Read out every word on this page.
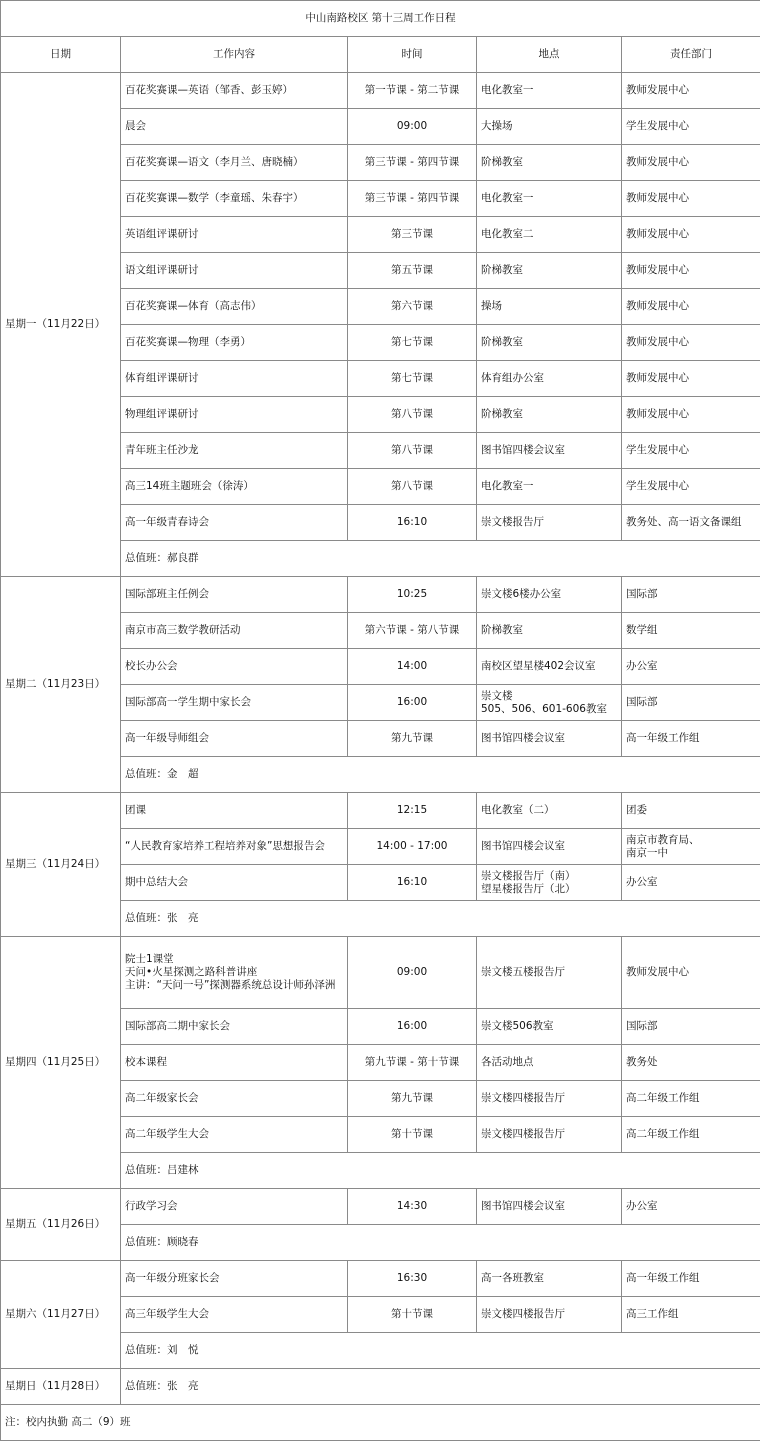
中山南路校区 第十三周工作日程				
日期	工作内容	时间	地点	责任部门
星期一（11月22日）	百花奖赛课—英语（邹香、彭玉婷）	第一节课 - 第二节课	电化教室一	教师发展中心
	晨会	09:00	大操场	学生发展中心
	百花奖赛课—语文（李月兰、唐晓楠）	第三节课 - 第四节课	阶梯教室	教师发展中心
	百花奖赛课—数学（李童瑶、朱春宇）	第三节课 - 第四节课	电化教室一	教师发展中心
	英语组评课研讨	第三节课	电化教室二	教师发展中心
	语文组评课研讨	第五节课	阶梯教室	教师发展中心
	百花奖赛课—体育（高志伟）	第六节课	操场	教师发展中心
	百花奖赛课—物理（李勇）	第七节课	阶梯教室	教师发展中心
	体育组评课研讨	第七节课	体育组办公室	教师发展中心
	物理组评课研讨	第八节课	阶梯教室	教师发展中心
	青年班主任沙龙	第八节课	图书馆四楼会议室	学生发展中心
	高三14班主题班会（徐涛）	第八节课	电化教室一	学生发展中心
	高一年级青春诗会	16:10	崇文楼报告厅	教务处、高一语文备课组
	总值班：郝良群			
星期二（11月23日）	国际部班主任例会	10:25	崇文楼6楼办公室	国际部
	南京市高三数学教研活动	第六节课 - 第八节课	阶梯教室	数学组
	校长办公会	14:00	南校区望星楼402会议室	办公室
	国际部高一学生期中家长会	16:00	崇文楼
505、506、601-606教室	国际部
	高一年级导师组会	第九节课	图书馆四楼会议室	高一年级工作组
	总值班：金　超			
星期三（11月24日）	团课	12:15	电化教室（二）	团委
	“人民教育家培养工程培养对象”思想报告会	14:00 - 17:00	图书馆四楼会议室	南京市教育局、
南京一中
	期中总结大会	16:10	崇文楼报告厅（南）
望星楼报告厅（北）	办公室
	总值班：张　亮			
星期四（11月25日）	院士1课堂
天问•火星探测之路科普讲座
主讲：“天问一号”探测器系统总设计师孙泽洲	09:00	崇文楼五楼报告厅	教师发展中心
	国际部高二期中家长会	16:00	崇文楼506教室	国际部
	校本课程	第九节课 - 第十节课	各活动地点	教务处
	高二年级家长会	第九节课	崇文楼四楼报告厅	高二年级工作组
	高二年级学生大会	第十节课	崇文楼四楼报告厅	高二年级工作组
	总值班：吕建林			
星期五（11月26日）	行政学习会	14:30	图书馆四楼会议室	办公室
	总值班：顾晓春			
星期六（11月27日）	高一年级分班家长会	16:30	高一各班教室	高一年级工作组
	高三年级学生大会	第十节课	崇文楼四楼报告厅	高三工作组
	总值班：刘　悦			
星期日（11月28日）	总值班：张　亮			
注：校内执勤 高二（9）班				
